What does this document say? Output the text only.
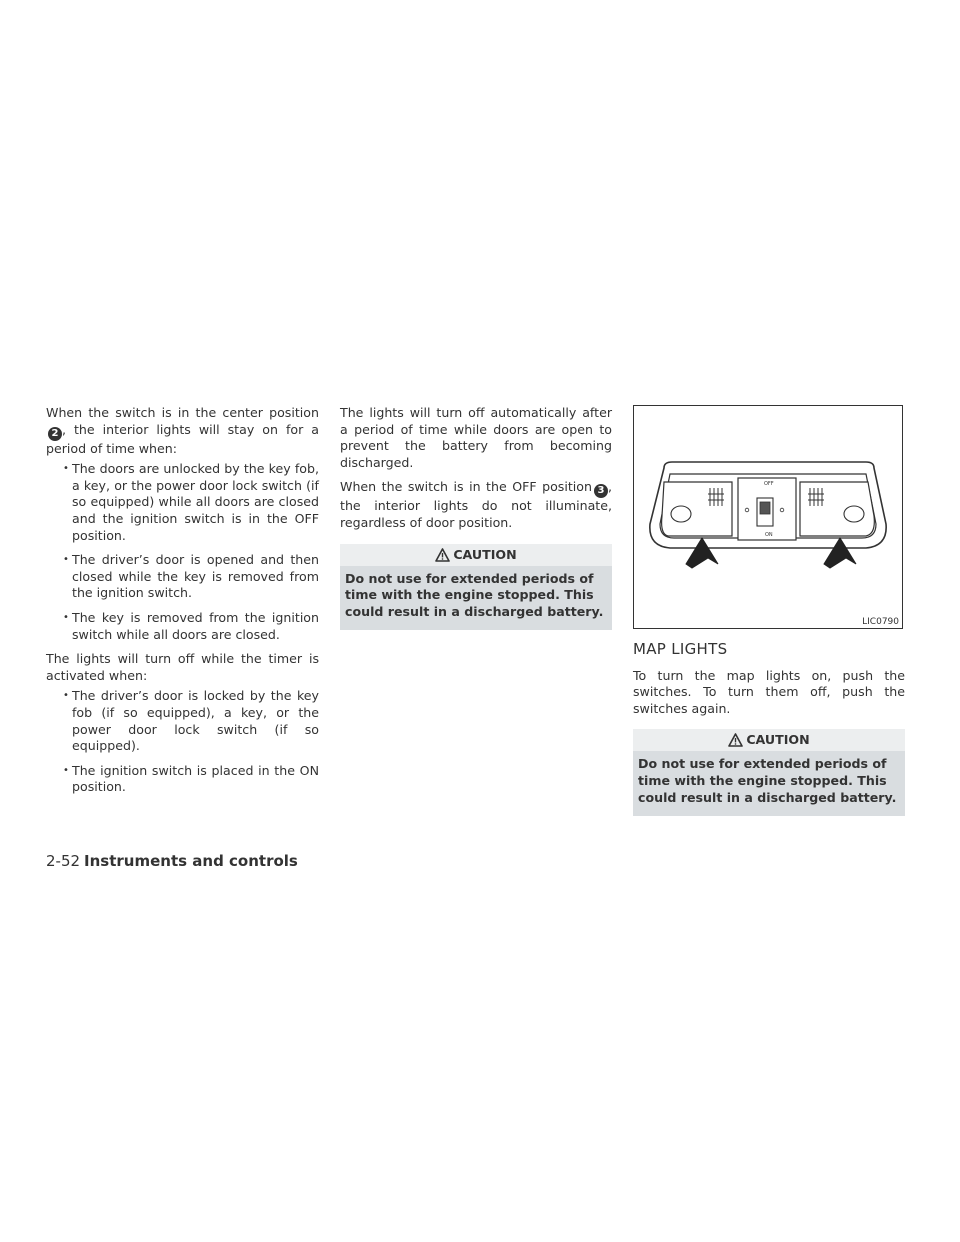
When the switch is in the center position2 , the interior lights will stay on for a period of time when:

• The doors are unlocked by the key fob, a key, or the power door lock switch (if so equipped) while all doors are closed and the ignition switch is in the OFF position.
• The driver’s door is opened and then closed while the key is removed from the ignition switch.
• The key is removed from the ignition switch while all doors are closed.

The lights will turn off while the timer is activated when:

• The driver’s door is locked by the key fob (if so equipped), a key, or the power door lock switch (if so equipped).
• The ignition switch is placed in the ON position.

The lights will turn off automatically after a period of time while doors are open to prevent the battery from becoming discharged.

When the switch is in the OFF position 3 , the interior lights do not illuminate, regardless of door position.

CAUTION
Do not use for extended periods of time with the engine stopped. This could result in a discharged battery.
OFF
ON
LIC0790
MAP LIGHTS

To turn the map lights on, push the switches. To turn them off, push the switches again.

CAUTION
Do not use for extended periods of time with the engine stopped. This could result in a discharged battery.
2-52 Instruments and controls
